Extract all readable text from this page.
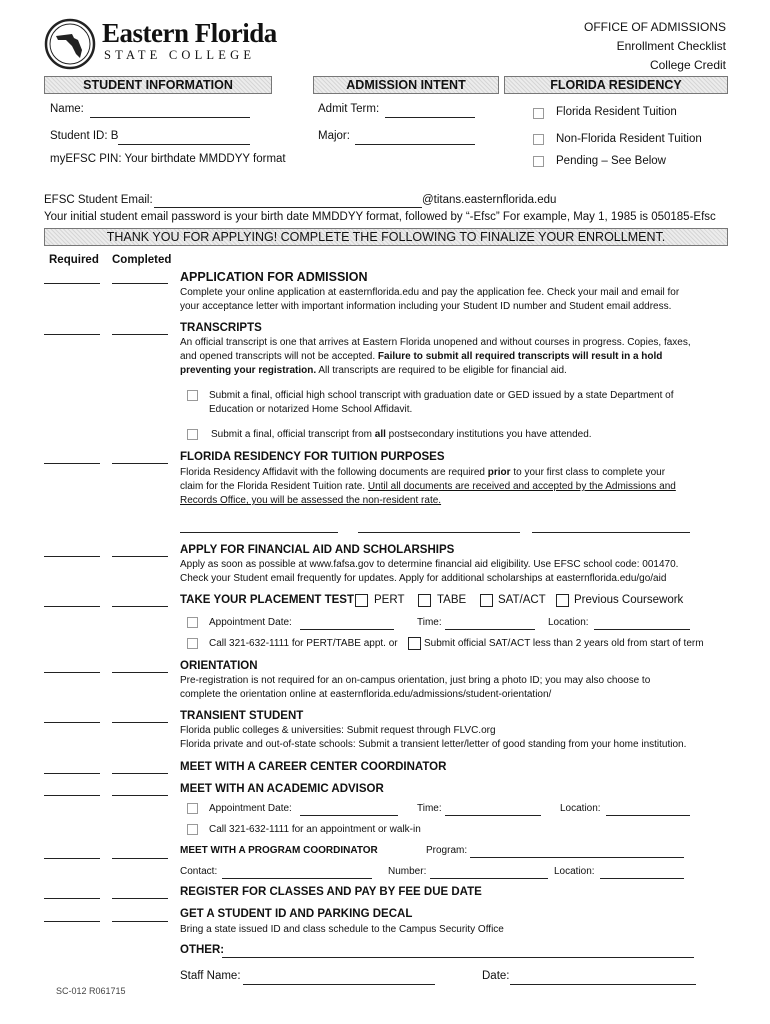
Eastern Florida
STATE COLLEGE
OFFICE OF ADMISSIONS
Enrollment Checklist
College Credit
STUDENT INFORMATION	ADMISSION INTENT	FLORIDA RESIDENCY
Name:
Student ID: B
myEFSC PIN: Your birthdate MMDDYY format
Admit Term:
Major:
Florida Resident Tuition
Non-Florida Resident Tuition
Pending – See Below
EFSC Student Email:	@titans.easternflorida.edu
Your initial student email password is your birth date MMDDYY format, followed by “-Efsc” For example, May 1, 1985 is 050185-Efsc
THANK YOU FOR APPLYING! COMPLETE THE FOLLOWING TO FINALIZE YOUR ENROLLMENT.
Required Completed
APPLICATION FOR ADMISSION
Complete your online application at easternflorida.edu and pay the application fee. Check your mail and email for
your acceptance letter with important information including your Student ID number and Student email address.
TRANSCRIPTS
An official transcript is one that arrives at Eastern Florida unopened and without courses in progress. Copies, faxes,
and opened transcripts will not be accepted. Failure to submit all required transcripts will result in a hold
preventing your registration. All transcripts are required to be eligible for financial aid.
Submit a final, official high school transcript with graduation date or GED issued by a state Department of
Education or notarized Home School Affidavit.
Submit a final, official transcript from all postsecondary institutions you have attended.
FLORIDA RESIDENCY FOR TUITION PURPOSES
Florida Residency Affidavit with the following documents are required prior to your first class to complete your
claim for the Florida Resident Tuition rate. Until all documents are received and accepted by the Admissions and
Records Office, you will be assessed the non-resident rate.
APPLY FOR FINANCIAL AID AND SCHOLARSHIPS
Apply as soon as possible at www.fafsa.gov to determine financial aid eligibility. Use EFSC school code: 001470.
Check your Student email frequently for updates. Apply for additional scholarships at easternflorida.edu/go/aid
TAKE YOUR PLACEMENT TEST PERT	TABE	SAT/ACT Previous Coursework
Appointment Date:	Time:	Location:
Call 321-632-1111 for PERT/TABE appt. or	Submit official SAT/ACT less than 2 years old from start of term
ORIENTATION
Pre-registration is not required for an on-campus orientation, just bring a photo ID; you may also choose to
complete the orientation online at easternflorida.edu/admissions/student-orientation/
TRANSIENT STUDENT
Florida public colleges & universities: Submit request through FLVC.org
Florida private and out-of-state schools: Submit a transient letter/letter of good standing from your home institution.
MEET WITH A CAREER CENTER COORDINATOR
MEET WITH AN ACADEMIC ADVISOR
Appointment Date:	Time:	Location:
Call 321-632-1111 for an appointment or walk-in
MEET WITH A PROGRAM COORDINATOR	Program:
Contact:	Number:	Location:
REGISTER FOR CLASSES AND PAY BY FEE DUE DATE
GET A STUDENT ID AND PARKING DECAL
Bring a state issued ID and class schedule to the Campus Security Office
OTHER:
Staff Name:	Date:
SC-012 R061715
